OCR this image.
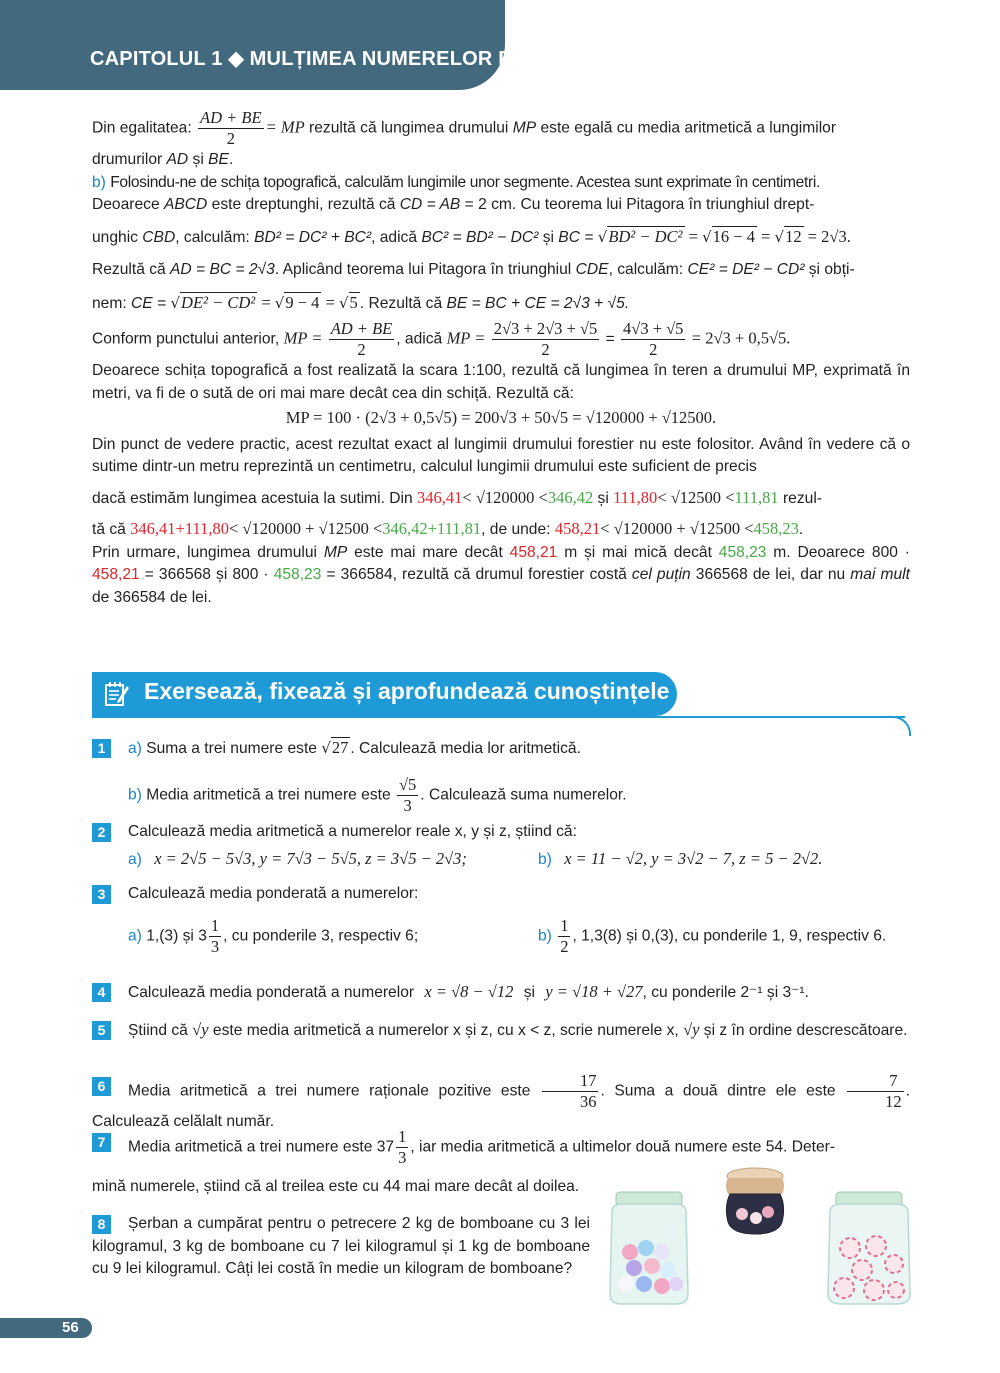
CAPITOLUL 1 ◆ MULȚIMEA NUMERELOR REALE

Din egalitatea: $\frac{AD + BE}{2}$ = MP rezultă că lungimea drumului MP este egală cu media aritmetică a lungimilor

drumurilor AD și BE.

b) Folosindu-ne de schița topografică, calculăm lungimile unor segmente. Acestea sunt exprimate în centimetri.

Deoarece ABCD este dreptunghi, rezultă că CD = AB = 2 cm. Cu teorema lui Pitagora în triunghiul drept-

unghic CBD, calculăm: BD² = DC² + BC², adică BC² = BD² − DC² și BC = √BD² − DC² = √16 − 4 = √12 = 2√3.

Rezultă că AD = BC = 2√3. Aplicând teorema lui Pitagora în triunghiul CDE, calculăm: CE² = DE² − CD² și obți-

nem: CE = √DE² − CD² = √9 − 4 = √5 . Rezultă că BE = BC + CE = 2√3 + √5.

Conform punctului anterior, MP = $\frac{AD + BE}{2}$ , adică MP = $\frac{2√3 + 2√3 + √5}{2} = \frac{4√3 + √5}{2} = 2√3 + 0,5√5$.

Deoarece schița topografică a fost realizată la scara 1:100, rezultă că lungimea în teren a drumului MP, exprimată în metri, va fi de o sută de ori mai mare decât cea din schiță. Rezultă că:

MP = 100 · (2√3 + 0,5√5) = 200√3 + 50√5 = √120000 + √12500.

Din punct de vedere practic, acest rezultat exact al lungimii drumului forestier nu este folositor. Având în vedere că o sutime dintr-un metru reprezintă un centimetru, calculul lungimii drumului este suficient de precis

dacă estimăm lungimea acestuia la sutimi. Din 346,41< √120000 <346,42 și 111,80< √12500 <111,81 rezul-

tă că 346,41+111,80< √120000 + √12500 <346,42+111,81, de unde: 458,21< √120000 + √12500 <458,23.

Prin urmare, lungimea drumului MP este mai mare decât 458,21 m și mai mică decât 458,23 m. Deoarece 800 · 458,21 = 366568 și 800 · 458,23 = 366584, rezultă că drumul forestier costă cel puțin 366568 de lei, dar nu mai mult de 366584 de lei.

Exersează, fixează și aprofundează cunoștințele
1	a) Suma a trei numere este √27 . Calculează media lor aritmetică.
b) Media aritmetică a trei numere este $\frac{√5}{3}$ . Calculează suma numerelor.
2	Calculează media aritmetică a numerelor reale x, y și z, știind că:
a) x = 2√5 − 5√3, y = 7√3 − 5√5, z = 3√5 − 2√3;	b) x = 11 − √2, y = 3√2 − 7, z = 5 − 2√2.
3	Calculează media ponderată a numerelor:
a) 1,(3) și $3 \frac{1}{3}$ , cu ponderile 3, respectiv 6;	$b) \frac{1}{2}$ , 1,3(8) și 0,(3), cu ponderile 1, 9, respectiv 6.
4	Calculează media ponderată a numerelor x = √8 − √12 și y = √18 + √27, cu ponderile 2⁻¹ și 3⁻¹.
5	Știind că √y este media aritmetică a numerelor x și z, cu x < z, scrie numerele x, √y și z în ordine descrescătoare.
6	Media aritmetică a trei numere raționale pozitive este $\frac{17}{36}$ . Suma a două dintre ele este $\frac{7}{12}$ . Calculează celălalt număr.
7	Media aritmetică a trei numere este $37 \frac{1}{3}$ , iar media aritmetică a ultimelor două numere este 54. Deter-
mină numerele, știind că al treilea este cu 44 mai mare decât al doilea.
8	Șerban a cumpărat pentru o petrecere 2 kg de bomboane cu 3 lei kilogramul, 3 kg de bomboane cu 7 lei kilogramul și 1 kg de bomboane cu 9 lei kilogramul. Câți lei costă în medie un kilogram de bomboane?
56
